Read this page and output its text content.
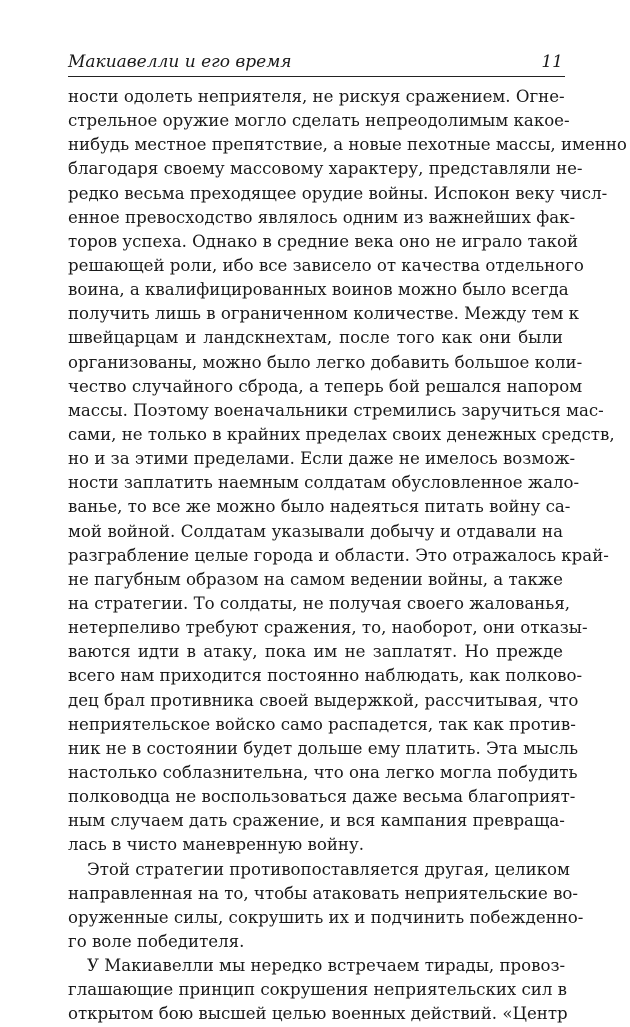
Макиавелли и его время	11
ности одолеть неприятеля, не рискуя сражением. Огне-
стрельное оружие могло сделать непреодолимым какое-
нибудь местное препятствие, а новые пехотные массы, именно
благодаря своему массовому характеру, представляли не-
редко весьма преходящее орудие войны. Испокон веку числ-
енное превосходство являлось одним из важнейших фак-
торов успеха. Однако в средние века оно не играло такой
решающей роли, ибо все зависело от качества отдельного
воина, а квалифицированных воинов можно было всегда
получить лишь в ограниченном количестве. Между тем к
швейцарцам и ландскнехтам, после того как они были
организованы, можно было легко добавить большое коли-
чество случайного сброда, а теперь бой решался напором
массы. Поэтому военачальники стремились заручиться мас-
сами, не только в крайних пределах своих денежных средств,
но и за этими пределами. Если даже не имелось возмож-
ности заплатить наемным солдатам обусловленное жало-
ванье, то все же можно было надеяться питать войну са-
мой войной. Солдатам указывали добычу и отдавали на
разграбление целые города и области. Это отражалось край-
не пагубным образом на самом ведении войны, а также
на стратегии. То солдаты, не получая своего жалованья,
нетерпеливо требуют сражения, то, наоборот, они отказы-
ваются идти в атаку, пока им не заплатят. Но прежде
всего нам приходится постоянно наблюдать, как полково-
дец брал противника своей выдержкой, рассчитывая, что
неприятельское войско само распадется, так как против-
ник не в состоянии будет дольше ему платить. Эта мысль
настолько соблазнительна, что она легко могла побудить
полководца не воспользоваться даже весьма благоприят-
ным случаем дать сражение, и вся кампания превраща-
лась в чисто маневренную войну.
Этой стратегии противопоставляется другая, целиком
направленная на то, чтобы атаковать неприятельские во-
оруженные силы, сокрушить их и подчинить побежденно-
го воле победителя.
У Макиавелли мы нередко встречаем тирады, провоз-
глашающие принцип сокрушения неприятельских сил в
открытом бою высшей целью военных действий. «Центр
